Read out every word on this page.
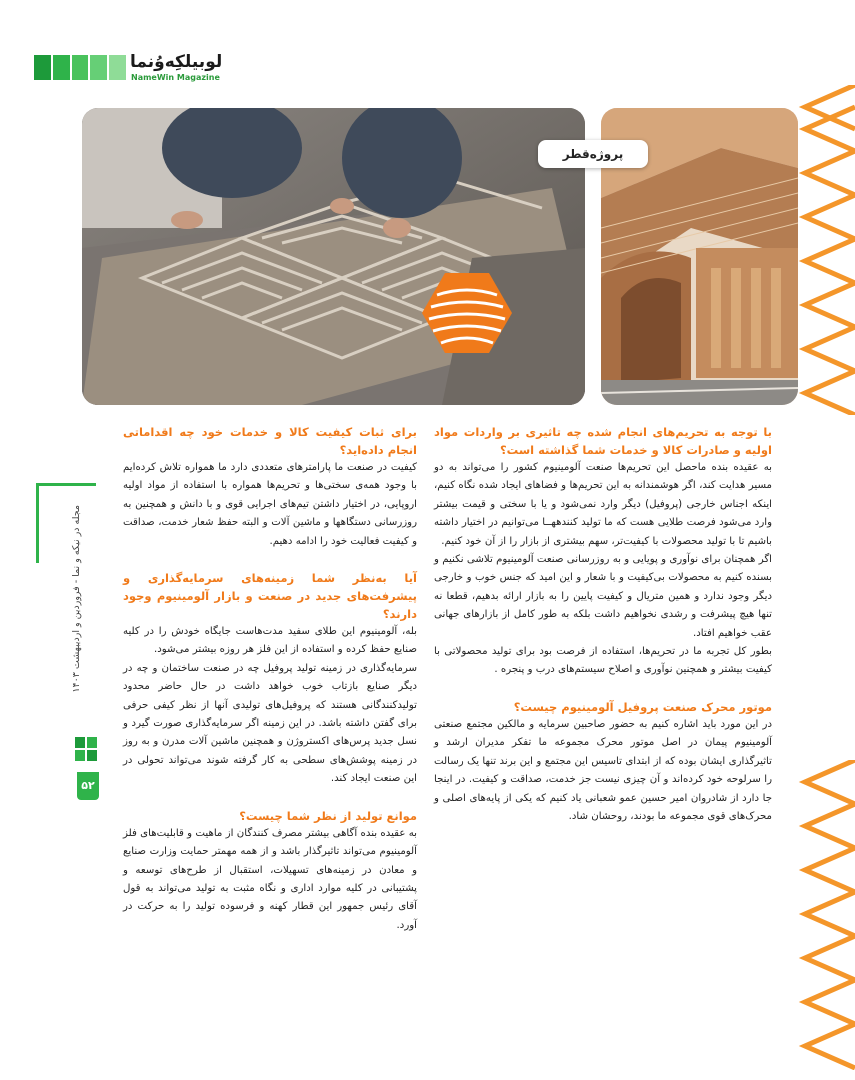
لوبیلکِه‌وُنما
NameWin Magazine
پروژه‌قطر
با توجه به تحریم‌های انجام شده چه تاثیری بر واردات مواد اولیه و صادرات کالا و خدمات شما گذاشته است؟

به عقیده بنده ماحصل این تحریم‌ها صنعت آلومینیوم کشور را می‌تواند به دو مسیر هدایت کند، اگر هوشمندانه به این تحریم‌ها و فضاهای ایجاد شده نگاه کنیم، اینکه اجناس خارجی (پروفیل) دیگر وارد نمی‌شود و یا با سختی و قیمت بیشتر وارد می‌شود فرصت طلایی هست که ما تولید کنندههــا می‌توانیم در اختیار داشته باشیم تا با تولید محصولات با کیفیت‌تر، سهم بیشتری از بازار را از آن خود کنیم.

اگر همچنان برای نوآوری و پویایی و به روزرسانی صنعت آلومینیوم تلاشی نکنیم و بسنده کنیم به محصولات بی‌کیفیت و با شعار و این امید که جنس خوب و خارجی دیگر وجود ندارد و همین متریال و کیفیت پایین را به بازار ارائه بدهیم، قطعا نه تنها هیچ پیشرفت و رشدی نخواهیم داشت بلکه به طور کامل از بازارهای جهانی عقب خواهیم افتاد.

بطور کل تجربه ما در تحریم‌ها، استفاده از فرصت بود برای تولید محصولاتی با کیفیت بیشتر و همچنین نوآوری و اصلاح سیستم‌های درب و پنجره .

موتور محرک صنعت پروفیل آلومینیوم چیست؟

در این مورد باید اشاره کنیم به حضور صاحبین سرمایه و مالکین مجتمع صنعتی آلومینیوم پیمان در اصل موتور محرک مجموعه ما تفکر مدیران ارشد و تاثیرگذاری ایشان بوده که از ابتدای تاسیس این مجتمع و این برند تنها یک رسالت را سرلوحه خود کرده‌اند و آن چیزی نیست جز خدمت، صداقت و کیفیت. در اینجا جا دارد از شادروان امیر حسین عمو شعبانی یاد کنیم که یکی از پایه‌های اصلی و محرک‌های قوی مجموعه ما بودند، روحشان شاد.

برای ثبات کیفیت کالا و خدمات خود چه اقداماتی انجام داده‌اید؟

کیفیت در صنعت ما پارامترهای متعددی دارد ما همواره تلاش کرده‌ایم با وجود همه‌ی سختی‌ها و تحریم‌ها همواره با استفاده از مواد اولیه اروپایی، در اختیار داشتن تیم‌های اجرایی قوی و با دانش و همچنین به روزرسانی دستگاهها و ماشین آلات و البته حفظ شعار خدمت، صداقت و کیفیت فعالیت خود را ادامه دهیم.

آیا به‌نظر شما زمینه‌های سرمایه‌گذاری و پیشرفت‌های جدید در صنعت و بازار آلومینیوم وجود دارند؟

بله، آلومینیوم این طلای سفید مدت‌ها‌ست جایگاه خودش را در کلیه صنایع حفظ کرده و استفاده از این فلز هر روزه بیشتر می‌شود.

سرمایه‌گذاری در زمینه تولید پروفیل چه در صنعت ساختمان و چه در دیگر صنایع بازتاب خوب خواهد داشت در حال حاضر محدود تولیدکنندگانی هستند که پروفیل‌های تولیدی آنها از نظر کیفی حرفی برای گفتن داشته باشد. در این زمینه اگر سرمایه‌گذاری صورت گیرد و نسل جدید پرس‌های اکستروژن و همچنین ماشین آلات مدرن و به روز در زمینه پوشش‌های سطحی به کار گرفته شوند می‌تواند تحولی در این صنعت ایجاد کند.

موانع تولید از نظر شما چیست؟

به عقیده بنده آگاهی بیشتر مصرف کنندگان از ماهیت و قابلیت‌های فلز آلومینیوم می‌تواند تاثیرگذار باشد و از همه مهمتر حمایت وزارت صنایع و معادن در زمینه‌های تسهیلات، استقبال از طرح‌های توسعه و پشتیبانی در کلیه موارد اداری و نگاه مثبت به تولید می‌تواند به قول آقای رئیس جمهور این قطار کهنه و فرسوده تولید را به حرکت در آورد.

مجله در نیکه و نما - فروردین و اردیبهشت ۱۴۰۳
۵۲
